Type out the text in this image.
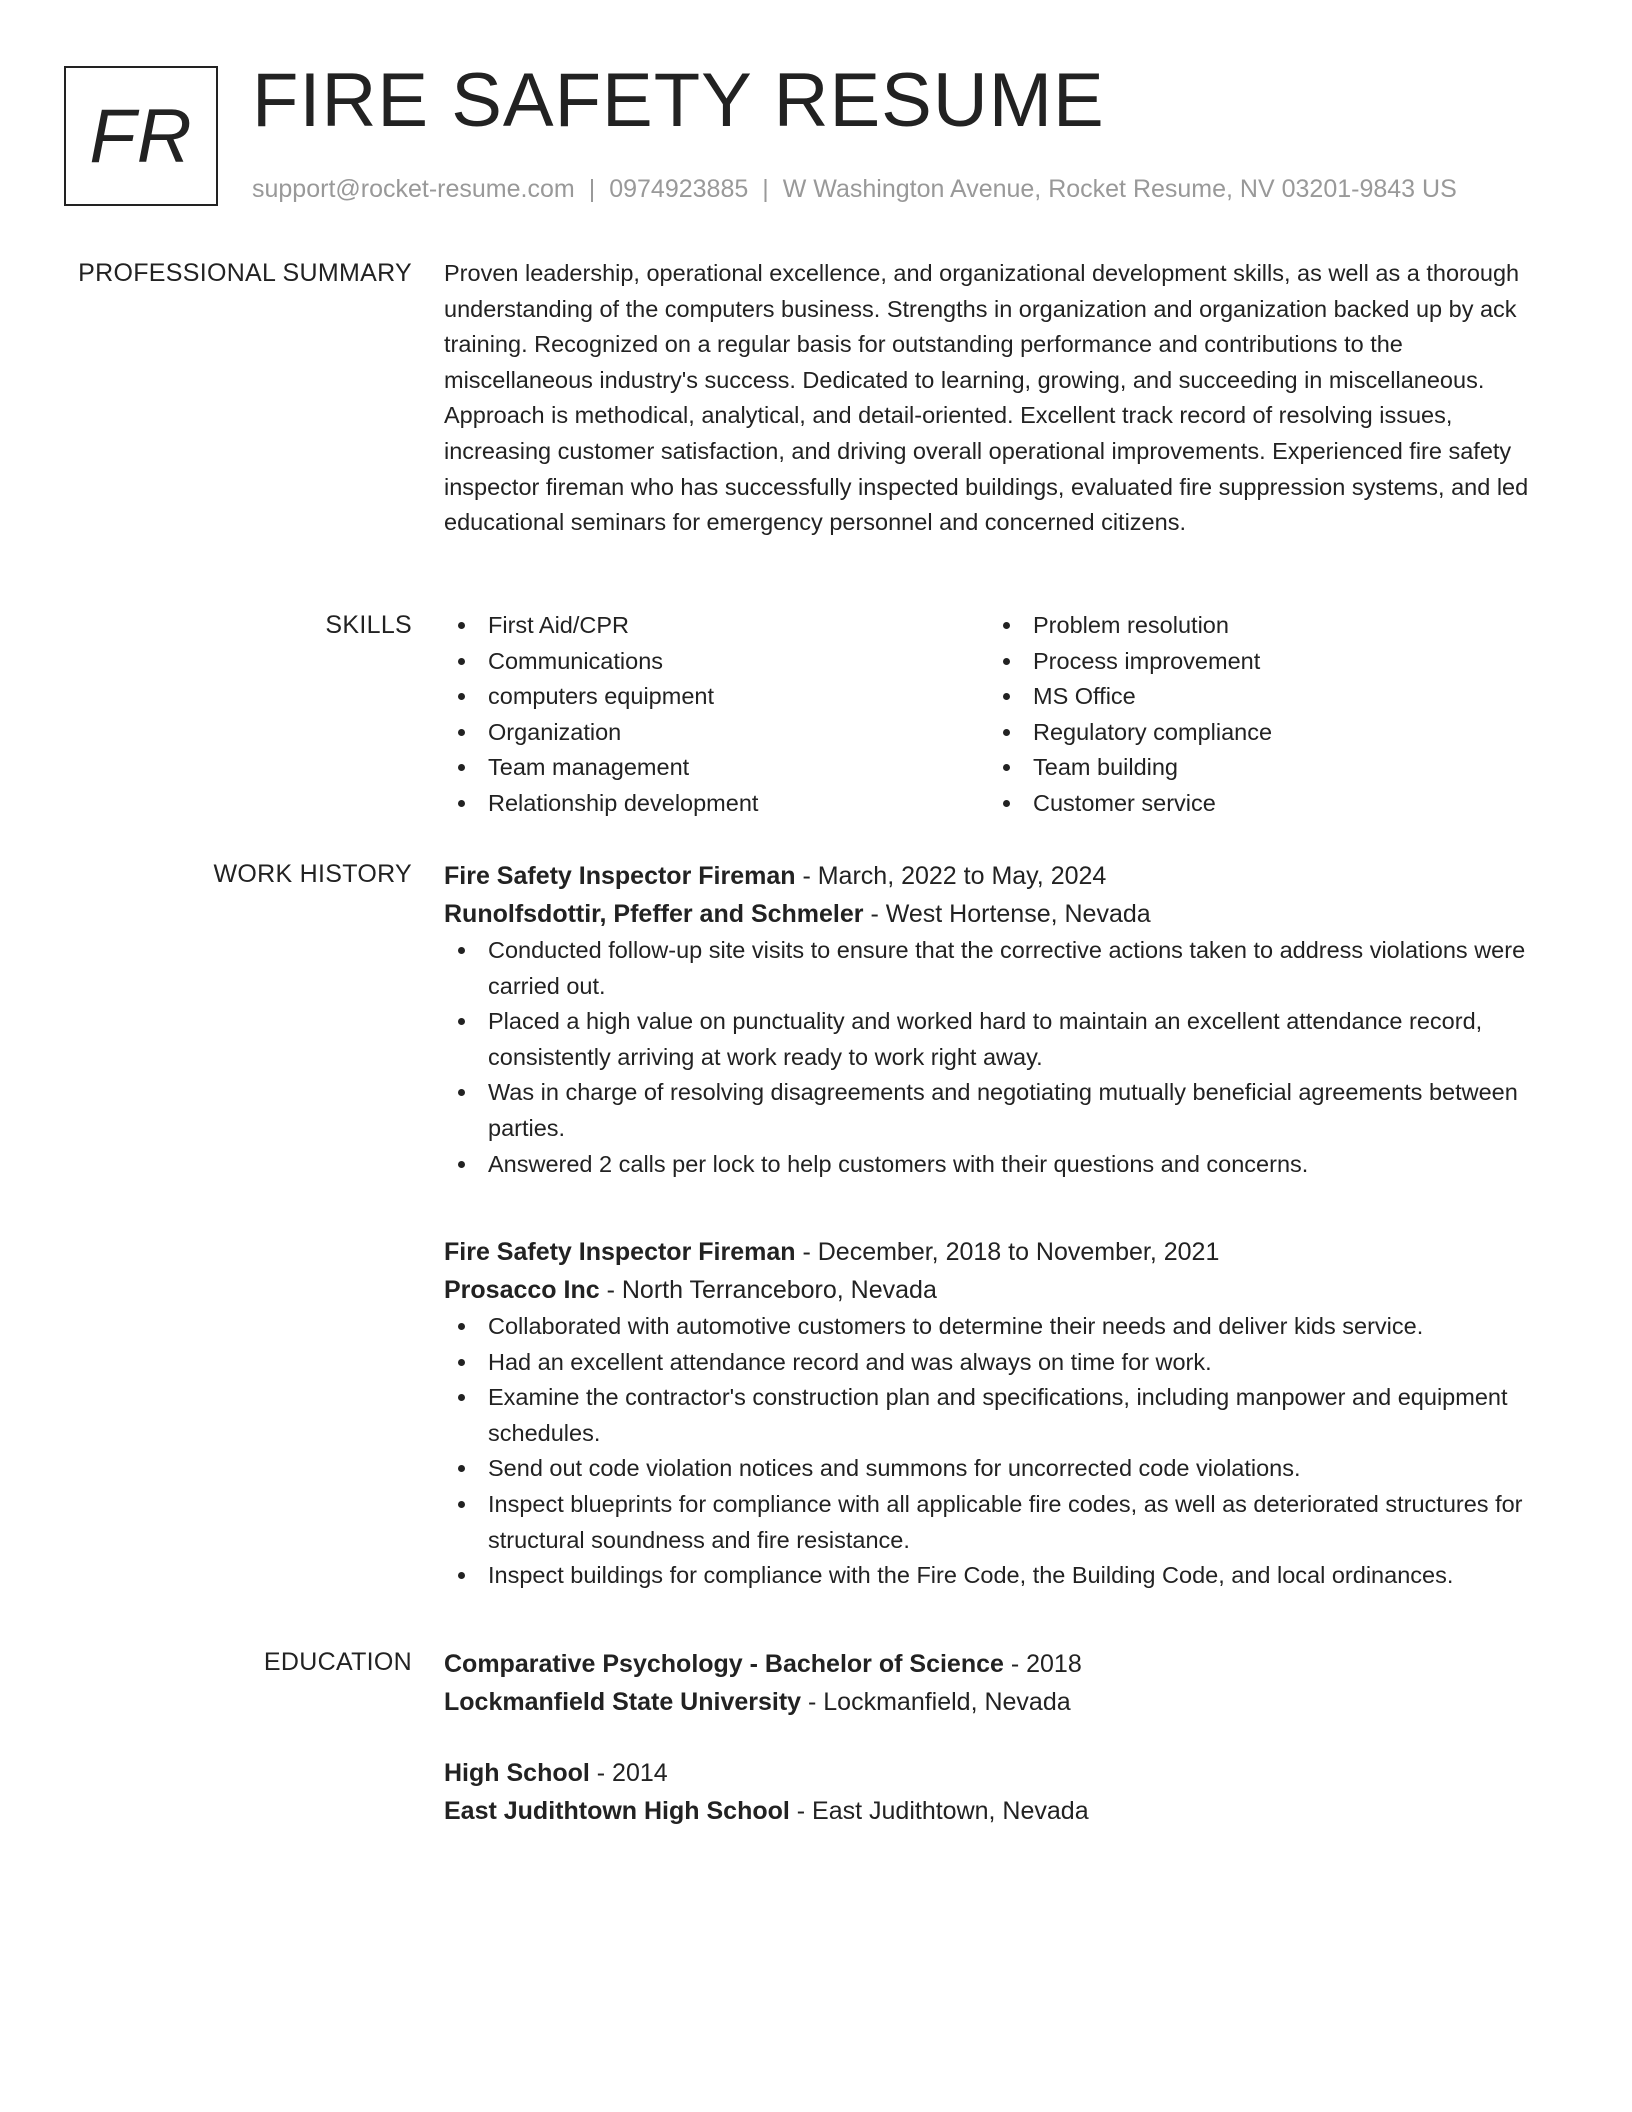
FR FIRE SAFETY RESUME
support@rocket-resume.com | 0974923885 | W Washington Avenue, Rocket Resume, NV 03201-9843 US
PROFESSIONAL SUMMARY Proven leadership, operational excellence, and organizational development skills, as well as a thorough understanding of the computers business. Strengths in organization and organization backed up by ack training. Recognized on a regular basis for outstanding performance and contributions to the miscellaneous industry's success. Dedicated to learning, growing, and succeeding in miscellaneous. Approach is methodical, analytical, and detail-oriented. Excellent track record of resolving issues, increasing customer satisfaction, and driving overall operational improvements. Experienced fire safety inspector fireman who has successfully inspected buildings, evaluated fire suppression systems, and led educational seminars for emergency personnel and concerned citizens.

SKILLS	First Aid/CPR
Communications
computers equipment
Organization
Team management
Relationship development
Problem resolution
Process improvement
MS Office
Regulatory compliance
Team building
Customer service
WORK HISTORY Fire Safety Inspector Fireman - March, 2022 to May, 2024
Runolfsdottir, Pfeffer and Schmeler - West Hortense, Nevada
Conducted follow-up site visits to ensure that the corrective actions taken to address violations were carried out.
Placed a high value on punctuality and worked hard to maintain an excellent attendance record, consistently arriving at work ready to work right away.
Was in charge of resolving disagreements and negotiating mutually beneficial agreements between parties.
Answered 2 calls per lock to help customers with their questions and concerns.
Fire Safety Inspector Fireman - December, 2018 to November, 2021
Prosacco Inc - North Terranceboro, Nevada
Collaborated with automotive customers to determine their needs and deliver kids service.
Had an excellent attendance record and was always on time for work.
Examine the contractor's construction plan and specifications, including manpower and equipment schedules.
Send out code violation notices and summons for uncorrected code violations.
Inspect blueprints for compliance with all applicable fire codes, as well as deteriorated structures for structural soundness and fire resistance.
Inspect buildings for compliance with the Fire Code, the Building Code, and local ordinances.
EDUCATION Comparative Psychology - Bachelor of Science - 2018
Lockmanfield State University - Lockmanfield, Nevada
High School - 2014
East Judithtown High School - East Judithtown, Nevada
